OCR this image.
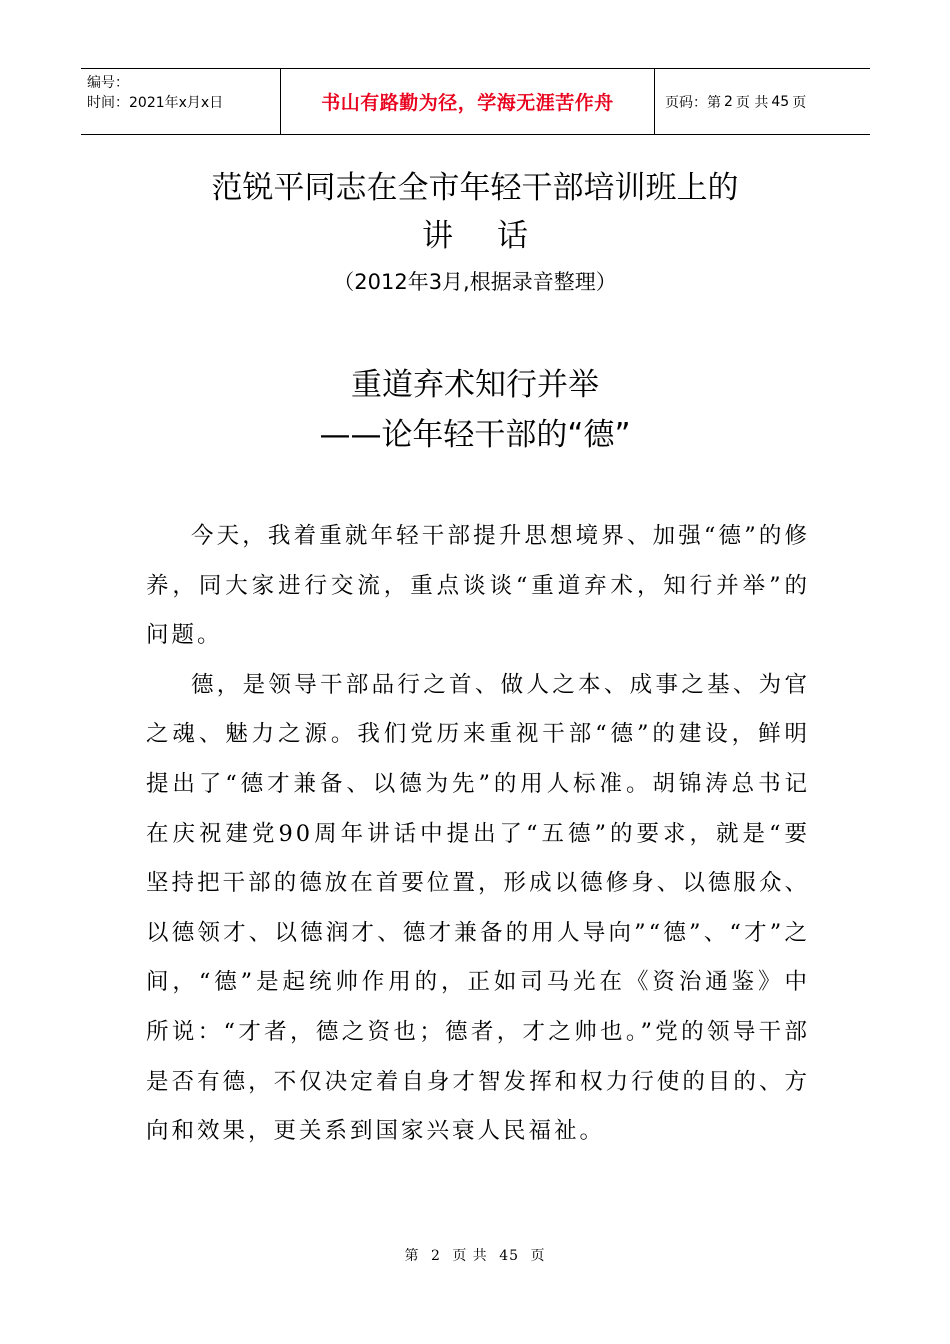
编号：
时间：2021年x月x日	书山有路勤为径，学海无涯苦作舟	页码：第 2 页 共 45 页
范锐平同志在全市年轻干部培训班上的
讲话
（2012年3月,根据录音整理）
重道弃术知行并举
——论年轻干部的“德”

今天，我着重就年轻干部提升思想境界、加强“德”的修养，同大家进行交流，重点谈谈“重道弃术，知行并举”的问题。

德，是领导干部品行之首、做人之本、成事之基、为官之魂、魅力之源。我们党历来重视干部“德”的建设，鲜明提出了“德才兼备、以德为先”的用人标准。胡锦涛总书记在庆祝建党90周年讲话中提出了“五德”的要求，就是“要坚持把干部的德放在首要位置，形成以德修身、以德服众、以德领才、以德润才、德才兼备的用人导向”“德”、“才”之间，“德”是起统帅作用的，正如司马光在《资治通鉴》中所说：“才者，德之资也；德者，才之帅也。”党的领导干部是否有德，不仅决定着自身才智发挥和权力行使的目的、方向和效果，更关系到国家兴衰人民福祉。

第 2 页 共 45 页
